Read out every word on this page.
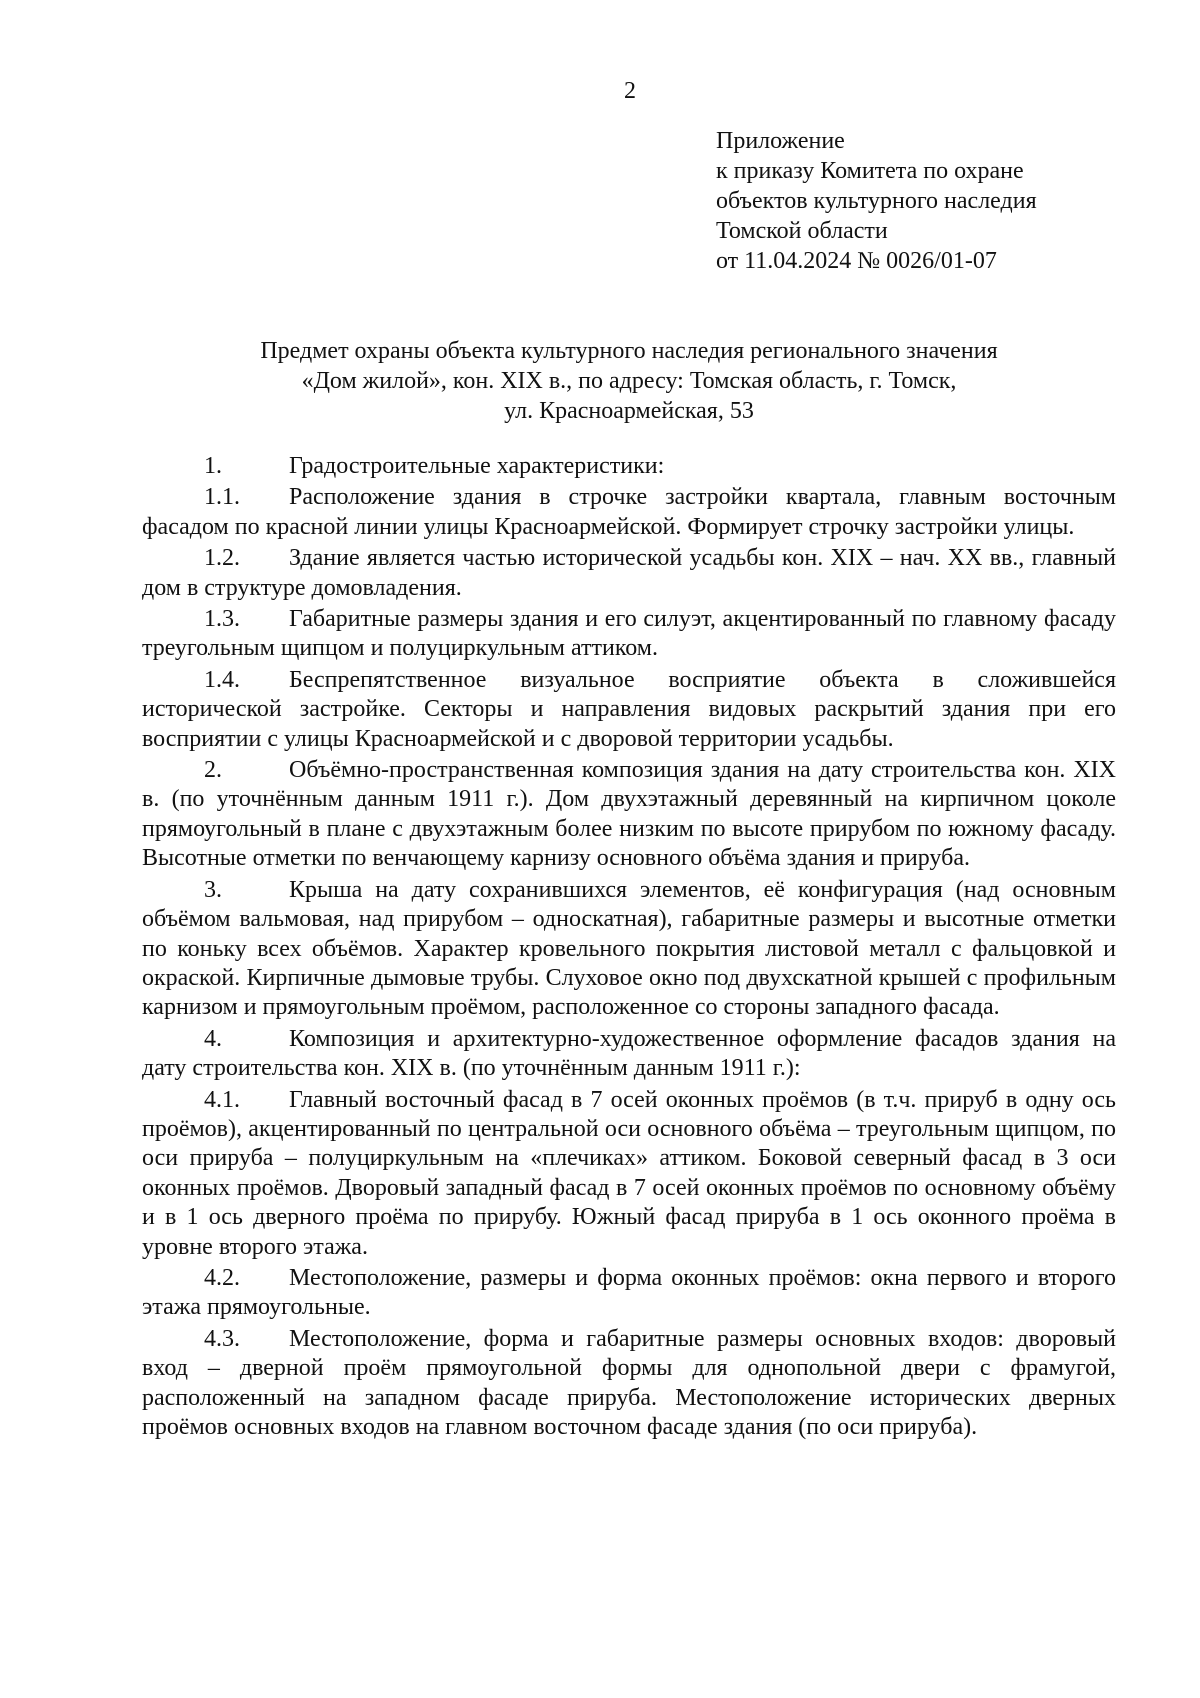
2
Приложение
к приказу Комитета по охране
объектов культурного наследия
Томской области
от 11.04.2024 № 0026/01-07
Предмет охраны объекта культурного наследия регионального значения
«Дом жилой», кон. XIX в., по адресу: Томская область, г. Томск,
ул. Красноармейская, 53

1.	Градостроительные характеристики:

1.1. Расположение здания в строчке застройки квартала, главным восточным фасадом по красной линии улицы Красноармейской. Формирует строчку застройки улицы.

1.2. Здание является частью исторической усадьбы кон. XIX – нач. XX вв., главный дом в структуре домовладения.

1.3. Габаритные размеры здания и его силуэт, акцентированный по главному фасаду треугольным щипцом и полуциркульным аттиком.

1.4. Беспрепятственное визуальное восприятие объекта в сложившейся исторической застройке. Секторы и направления видовых раскрытий здания при его восприятии с улицы Красноармейской и с дворовой территории усадьбы.

2.	Объёмно-пространственная композиция здания на дату строительства кон. XIX в. (по уточнённым данным 1911 г.). Дом двухэтажный деревянный на кирпичном цоколе прямоугольный в плане с двухэтажным более низким по высоте прирубом по южному фасаду. Высотные отметки по венчающему карнизу основного объёма здания и прируба.

3.	Крыша на дату сохранившихся элементов, её конфигурация (над основным объёмом вальмовая, над прирубом – односкатная), габаритные размеры и высотные отметки по коньку всех объёмов. Характер кровельного покрытия листовой металл с фальцовкой и окраской. Кирпичные дымовые трубы. Слуховое окно под двухскатной крышей с профильным карнизом и прямоугольным проёмом, расположенное со стороны западного фасада.

4.	Композиция и архитектурно-художественное оформление фасадов здания на дату строительства кон. XIX в. (по уточнённым данным 1911 г.):

4.1. Главный восточный фасад в 7 осей оконных проёмов (в т.ч. прируб в одну ось проёмов), акцентированный по центральной оси основного объёма – треугольным щипцом, по оси прируба – полуциркульным на «плечиках» аттиком. Боковой северный фасад в 3 оси оконных проёмов. Дворовый западный фасад в 7 осей оконных проёмов по основному объёму и в 1 ось дверного проёма по прирубу. Южный фасад прируба в 1 ось оконного проёма в уровне второго этажа.

4.2. Местоположение, размеры и форма оконных проёмов: окна первого и второго этажа прямоугольные.

4.3. Местоположение, форма и габаритные размеры основных входов: дворовый вход – дверной проём прямоугольной формы для однопольной двери с фрамугой, расположенный на западном фасаде прируба. Местоположение исторических дверных проёмов основных входов на главном восточном фасаде здания (по оси прируба).
